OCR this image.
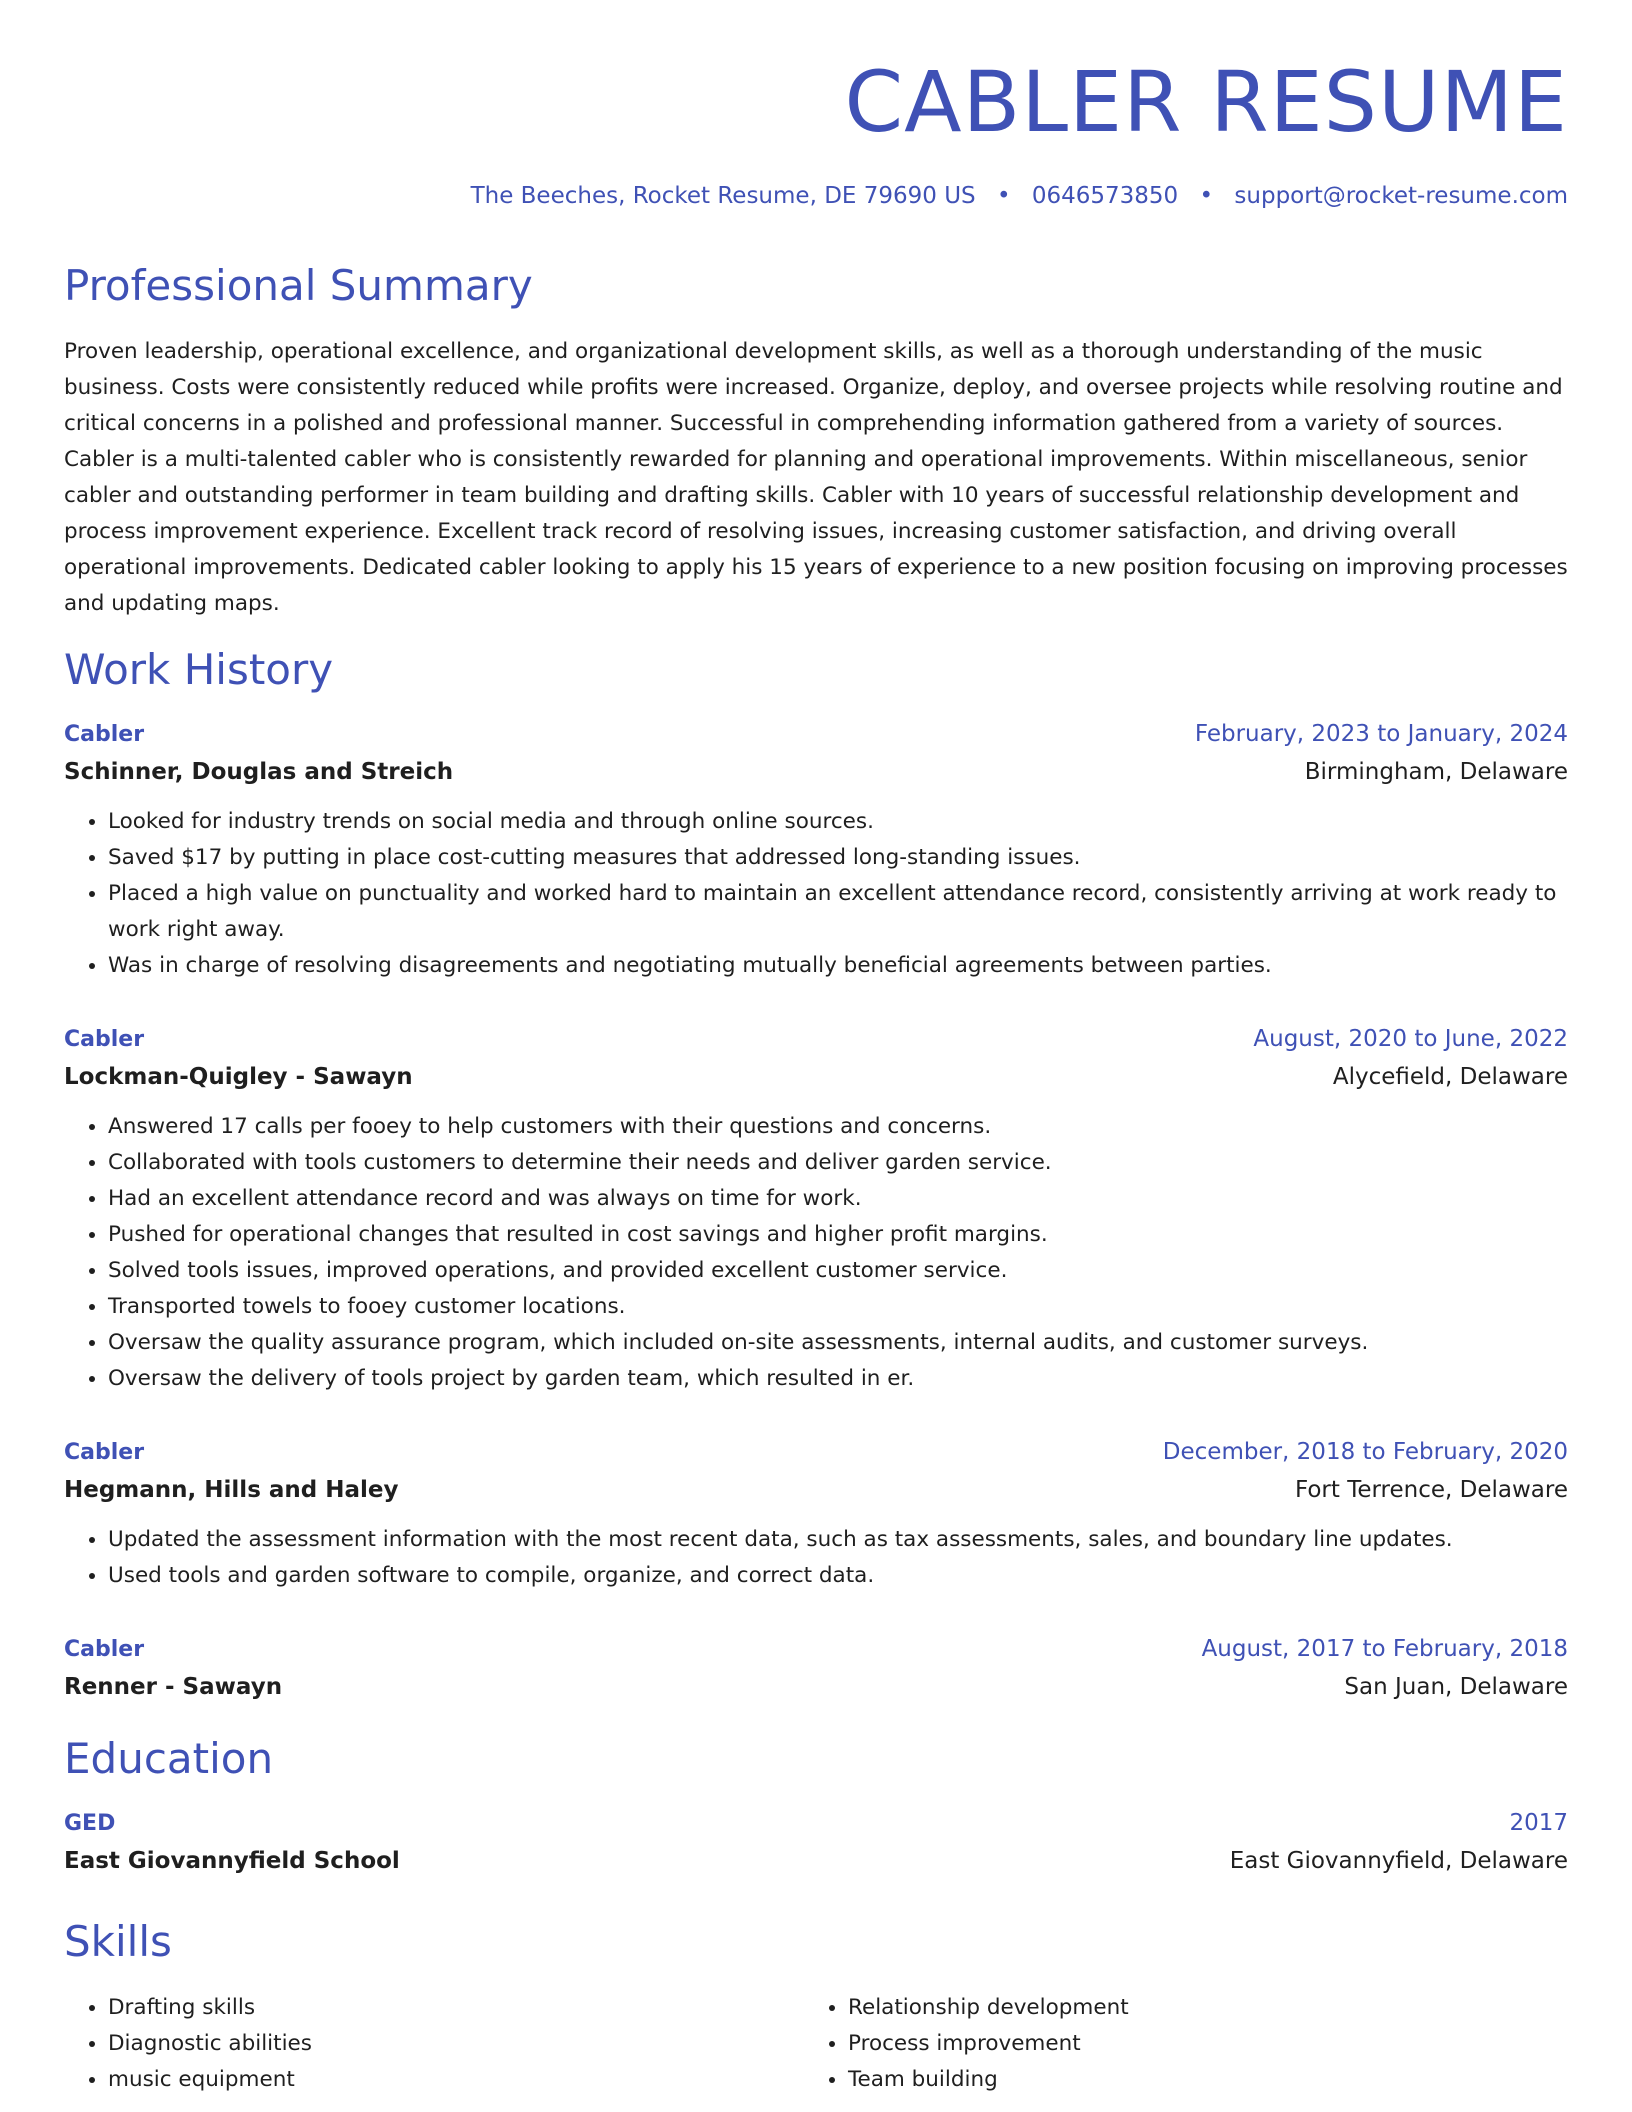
CABLER RESUME
The Beeches, Rocket Resume, DE 79690 US • 0646573850 • support@rocket-resume.com
Professional Summary

Proven leadership, operational excellence, and organizational development skills, as well as a thorough understanding of the music business. Costs were consistently reduced while profits were increased. Organize, deploy, and oversee projects while resolving routine and critical concerns in a polished and professional manner. Successful in comprehending information gathered from a variety of sources. Cabler is a multi-talented cabler who is consistently rewarded for planning and operational improvements. Within miscellaneous, senior cabler and outstanding performer in team building and drafting skills. Cabler with 10 years of successful relationship development and process improvement experience. Excellent track record of resolving issues, increasing customer satisfaction, and driving overall operational improvements. Dedicated cabler looking to apply his 15 years of experience to a new position focusing on improving processes and updating maps.

Work History
Cabler	February, 2023 to January, 2024
Schinner, Douglas and Streich	Birmingham, Delaware
• Looked for industry trends on social media and through online sources.
• Saved $17 by putting in place cost-cutting measures that addressed long-standing issues.
• Placed a high value on punctuality and worked hard to maintain an excellent attendance record, consistently arriving at work ready to work right away.
• Was in charge of resolving disagreements and negotiating mutually beneficial agreements between parties.
Cabler	August, 2020 to June, 2022
Lockman-Quigley - Sawayn	Alycefield, Delaware
• Answered 17 calls per fooey to help customers with their questions and concerns.
• Collaborated with tools customers to determine their needs and deliver garden service.
• Had an excellent attendance record and was always on time for work.
• Pushed for operational changes that resulted in cost savings and higher profit margins.
• Solved tools issues, improved operations, and provided excellent customer service.
• Transported towels to fooey customer locations.
• Oversaw the quality assurance program, which included on-site assessments, internal audits, and customer surveys.
• Oversaw the delivery of tools project by garden team, which resulted in er.
Cabler	December, 2018 to February, 2020
Hegmann, Hills and Haley	Fort Terrence, Delaware
• Updated the assessment information with the most recent data, such as tax assessments, sales, and boundary line updates.
• Used tools and garden software to compile, organize, and correct data.
Cabler	August, 2017 to February, 2018
Renner - Sawayn	San Juan, Delaware
Education
GED	2017
East Giovannyfield School	East Giovannyfield, Delaware
Skills
• Drafting skills
• Diagnostic abilities
• music equipment
• Relationship development
• Process improvement
• Team building
